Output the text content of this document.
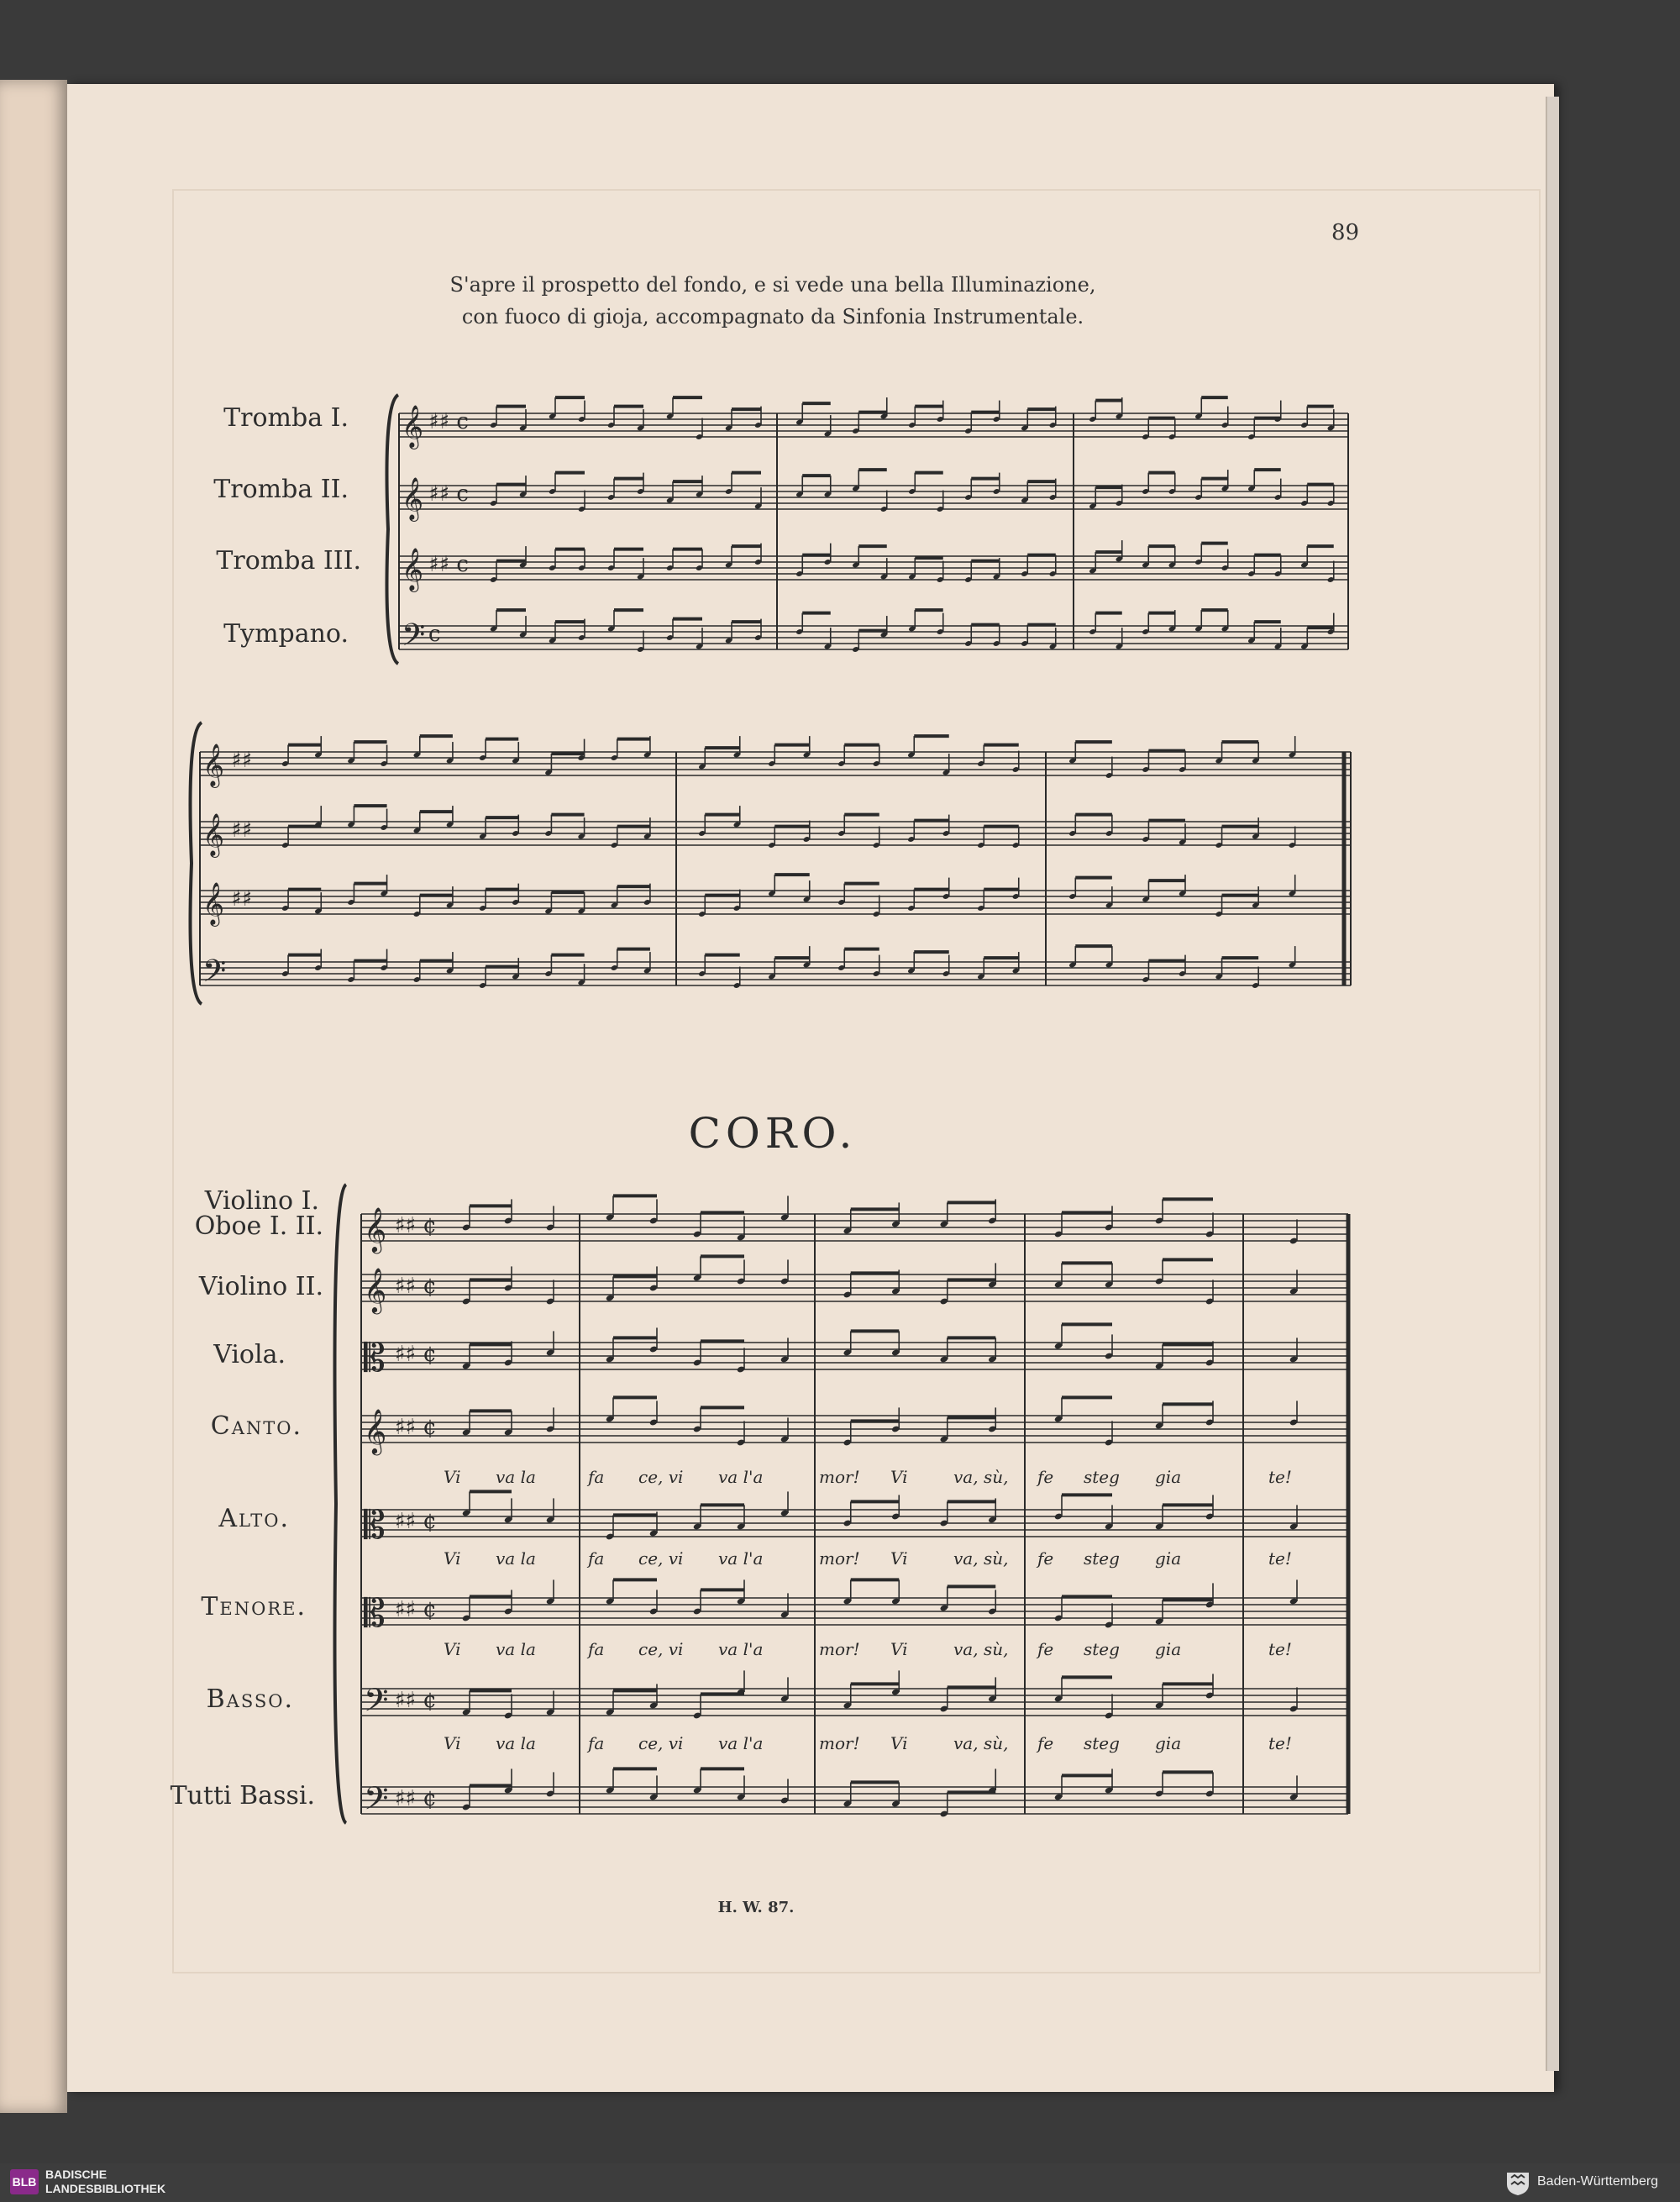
89
S'apre il prospetto del fondo, e si vede una bella Illuminazione,
con fuoco di gioja, accompagnato da Sinfonia Instrumentale.
Tromba I.
Tromba II.
Tromba III.
Tympano.
CORO.
Violino I.
Oboe I. II.
Violino II.
Viola.
Canto.
Alto.
Tenore.
Basso.
Tutti Bassi.
𝄞 ♯♯ c
𝄞 ♯♯ c
𝄞 ♯♯ c
𝄢 c
𝄞 ♯♯
𝄞 ♯♯
𝄞 ♯♯
𝄢
𝄞 ♯♯ ¢
𝄞 ♯♯ ¢
𝄡 ♯♯ ¢
𝄞 ♯♯ ¢
𝄡 ♯♯ ¢
𝄡 ♯♯ ¢
𝄢 ♯♯ ¢
𝄢 ♯♯ ¢
Vi va la	fa ce, vi va l'a	mor! Vi	va, sù, fe steg gia	te!
Vi va la	fa ce, vi va l'a	mor! Vi	va, sù, fe steg gia	te!
Vi va la	fa ce, vi va l'a	mor! Vi	va, sù, fe steg gia	te!
Vi va la	fa ce, vi va l'a	mor! Vi	va, sù, fe steg gia	te!
H. W. 87.
BLB
BADISCHE
LANDESBIBLIOTHEK	Baden-Württemberg
